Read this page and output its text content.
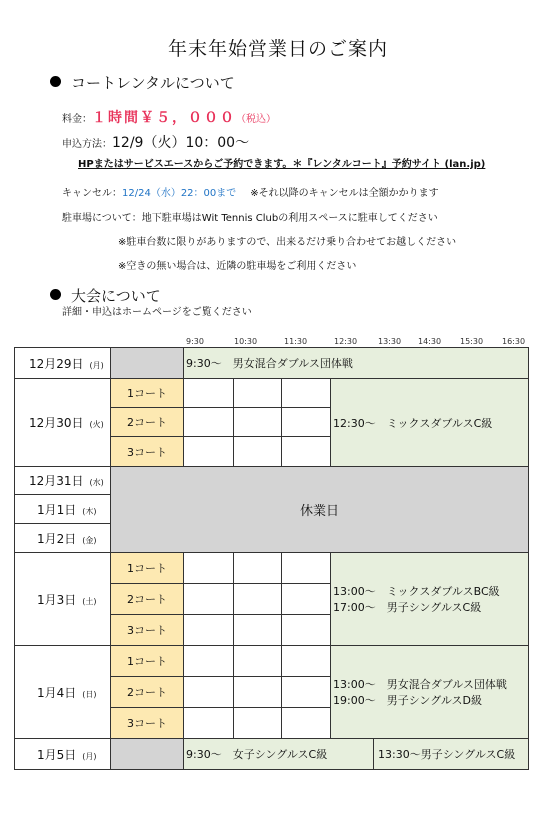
年末年始営業日のご案内
コートレンタルについて
料金：１時間￥５，０００（税込）
申込方法：12/9（火）10：00～
HPまたはサービスエースからご予約できます。＊『レンタルコート』予約サイト (lan.jp)
キャンセル：12/24（水）22：00まで ※それ以降のキャンセルは全額かかります
駐車場について：地下駐車場はWit Tennis Clubの利用スペースに駐車してください
※駐車台数に限りがありますので、出来るだけ乗り合わせてお越しください
※空きの無い場合は、近隣の駐車場をご利用ください
大会について
詳細・申込はホームページをご覧ください
9:30	10:30	11:30	12:30	13:30 14:30 15:30 16:30
12月29日 (月)		9:30～　男女混合ダブルス団体戦				
12月30日 (火)	1コート				12:30～　ミックスダブルスC級	
	2コート					
	3コート					
12月31日 (水)	休業日					
1月1日 (木)						
1月2日 (金)						
1月3日 (土)	1コート				13:00～　ミックスダブルスBC級
17:00～　男子シングルスC級	

	2コート					
	3コート					
1月4日 (日)	1コート				13:00～　男女混合ダブルス団体戦
19:00～　男子シングルスD級	

	2コート					
	3コート					
1月5日 (月)		9:30～　女子シングルスC級				13:30～男子シングルスC級
